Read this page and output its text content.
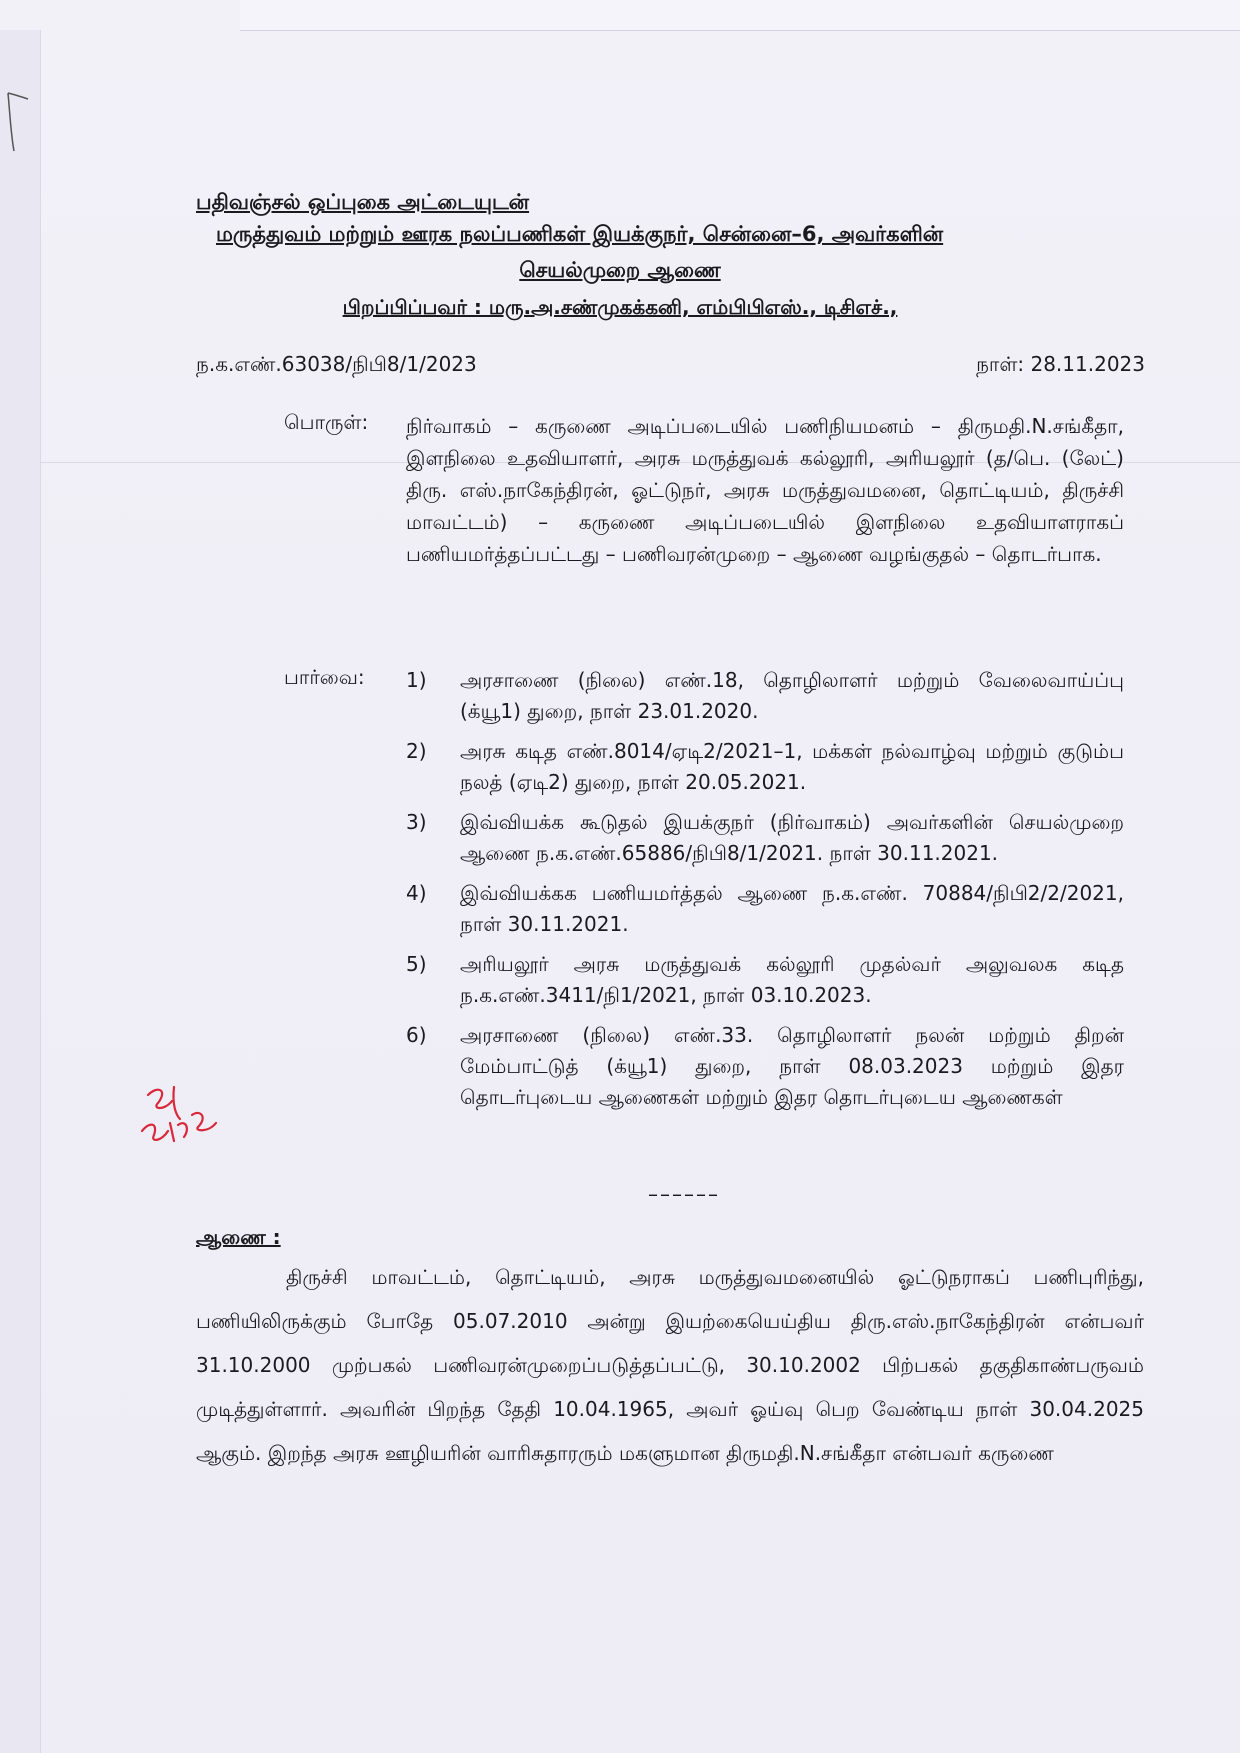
பதிவஞ்சல் ஒப்புகை அட்டையுடன்
மருத்துவம் மற்றும் ஊரக நலப்பணிகள் இயக்குநர், சென்னை–6, அவர்களின்
செயல்முறை ஆணை
பிறப்பிப்பவர் : மரு.அ.சண்முகக்கனி, எம்பிபிஎஸ்., டிசிஎச்.,
ந.க.எண்.63038/நிபி8/1/2023	நாள்: 28.11.2023
பொருள்: நிர்வாகம் – கருணை அடிப்படையில் பணிநியமனம் – திருமதி.N.சங்கீதா, இளநிலை உதவியாளர், அரசு மருத்துவக் கல்லூரி, அரியலூர் (த/பெ. (லேட்) திரு. எஸ்.நாகேந்திரன், ஓட்டுநர், அரசு மருத்துவமனை, தொட்டியம், திருச்சி மாவட்டம்) – கருணை அடிப்படையில் இளநிலை உதவியாளராகப் பணியமர்த்தப்பட்டது – பணிவரன்முறை – ஆணை வழங்குதல் – தொடர்பாக.
பார்வை: 1) அரசாணை (நிலை) எண்.18, தொழிலாளர் மற்றும் வேலைவாய்ப்பு (க்யூ1) துறை, நாள் 23.01.2020.
2) அரசு கடித எண்.8014/ஏடி2/2021–1, மக்கள் நல்வாழ்வு மற்றும் குடும்ப நலத் (ஏடி2) துறை, நாள் 20.05.2021.
3) இவ்வியக்க கூடுதல் இயக்குநர் (நிர்வாகம்) அவர்களின் செயல்முறை ஆணை ந.க.எண்.65886/நிபி8/1/2021. நாள் 30.11.2021.
4) இவ்வியக்கக பணியமர்த்தல் ஆணை ந.க.எண். 70884/நிபி2/2/2021, நாள் 30.11.2021.
5) அரியலூர் அரசு மருத்துவக் கல்லூரி முதல்வர் அலுவலக கடித ந.க.எண்.3411/நி1/2021, நாள் 03.10.2023.
6) அரசாணை (நிலை) எண்.33. தொழிலாளர் நலன் மற்றும் திறன் மேம்பாட்டுத் (க்யூ1) துறை, நாள் 08.03.2023 மற்றும் இதர தொடர்புடைய ஆணைகள் மற்றும் இதர தொடர்புடைய ஆணைகள்
––––––
ஆணை :
திருச்சி மாவட்டம், தொட்டியம், அரசு மருத்துவமனையில் ஓட்டுநராகப் பணிபுரிந்து, பணியிலிருக்கும் போதே 05.07.2010 அன்று இயற்கையெய்திய திரு.எஸ்.நாகேந்திரன் என்பவர் 31.10.2000 முற்பகல் பணிவரன்முறைப்படுத்தப்பட்டு, 30.10.2002 பிற்பகல் தகுதிகாண்பருவம் முடித்துள்ளார். அவரின் பிறந்த தேதி 10.04.1965, அவர் ஓய்வு பெற வேண்டிய நாள் 30.04.2025 ஆகும். இறந்த அரசு ஊழியரின் வாரிசுதாரரும் மகளுமான திருமதி.N.சங்கீதா என்பவர் கருணை
